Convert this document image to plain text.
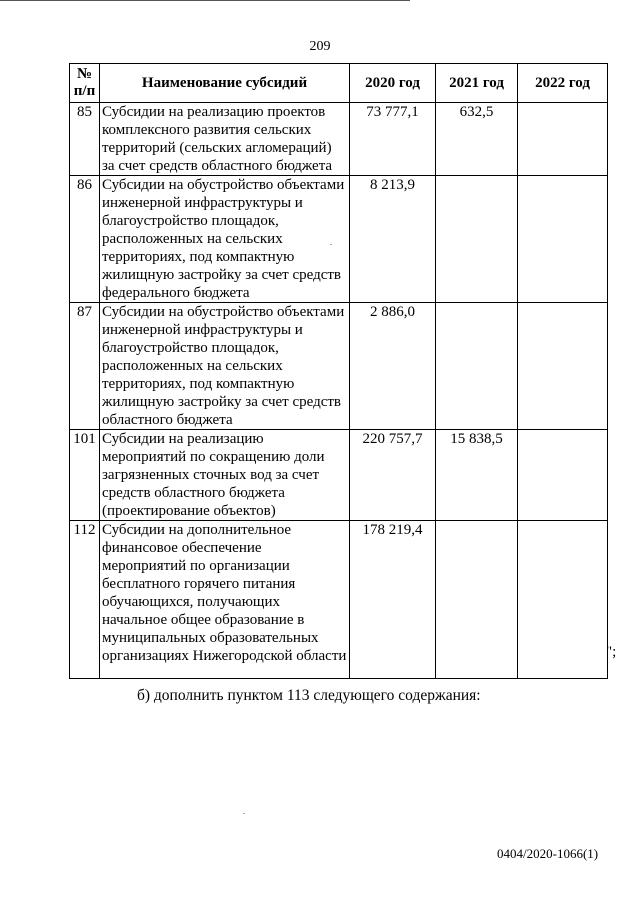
209
№ п/п	Наименование субсидий	2020 год	2021 год	2022 год
85	Субсидии на реализацию проектов комплексного развития сельских территорий (сельских агломераций) за счет средств областного бюджета	73 777,1	632,5	
86	Субсидии на обустройство объектами инженерной инфраструктуры и благоустройство площадок, расположенных на сельских территориях, под компактную жилищную застройку за счет средств федерального бюджета	8 213,9		
87	Субсидии на обустройство объектами инженерной инфраструктуры и благоустройство площадок, расположенных на сельских территориях, под компактную жилищную застройку за счет средств областного бюджета	2 886,0		
101	Субсидии на реализацию мероприятий по сокращению доли загрязненных сточных вод за счет средств областного бюджета (проектирование объектов)	220 757,7	15 838,5	
112	Субсидии на дополнительное финансовое обеспечение мероприятий по организации бесплатного горячего питания обучающихся, получающих начальное общее образование в муниципальных образовательных организациях Нижегородской области	178 219,4		
";
б) дополнить пунктом 113 следующего содержания:
0404/2020-1066(1)
